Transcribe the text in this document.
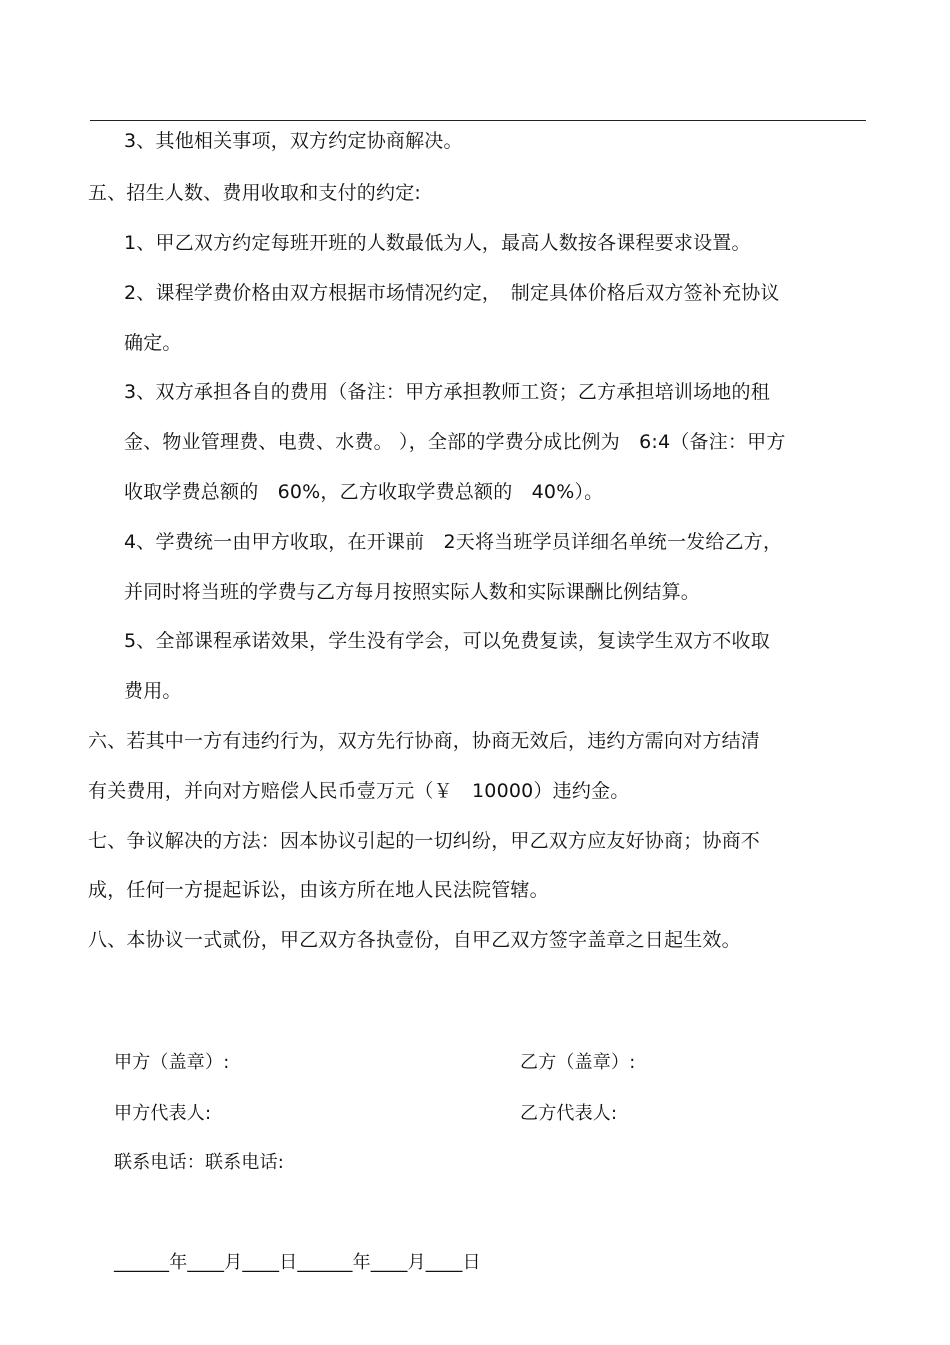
3、其他相关事项，双方约定协商解决。
五、招生人数、费用收取和支付的约定:
1、甲乙双方约定每班开班的人数最低为人，最高人数按各课程要求设置。
2、课程学费价格由双方根据市场情况约定，　制定具体价格后双方签补充协议
确定。
3、双方承担各自的费用（备注：甲方承担教师工资；乙方承担培训场地的租
金、物业管理费、电费、水费。 ），全部的学费分成比例为　6:4（备注：甲方
收取学费总额的　60%，乙方收取学费总额的　40%）。
4、学费统一由甲方收取，在开课前　2天将当班学员详细名单统一发给乙方，
并同时将当班的学费与乙方每月按照实际人数和实际课酬比例结算。
5、全部课程承诺效果，学生没有学会，可以免费复读，复读学生双方不收取
费用。
六、若其中一方有违约行为，双方先行协商，协商无效后，违约方需向对方结清
有关费用，并向对方赔偿人民币壹万元（￥　10000）违约金。
七、争议解决的方法：因本协议引起的一切纠纷，甲乙双方应友好协商；协商不
成，任何一方提起诉讼，由该方所在地人民法院管辖。
八、本协议一式贰份，甲乙双方各执壹份，自甲乙双方签字盖章之日起生效。
甲方（盖章）:	乙方（盖章）:
甲方代表人:	乙方代表人:
联系电话：联系电话:
______年____月____日______年____月____日
